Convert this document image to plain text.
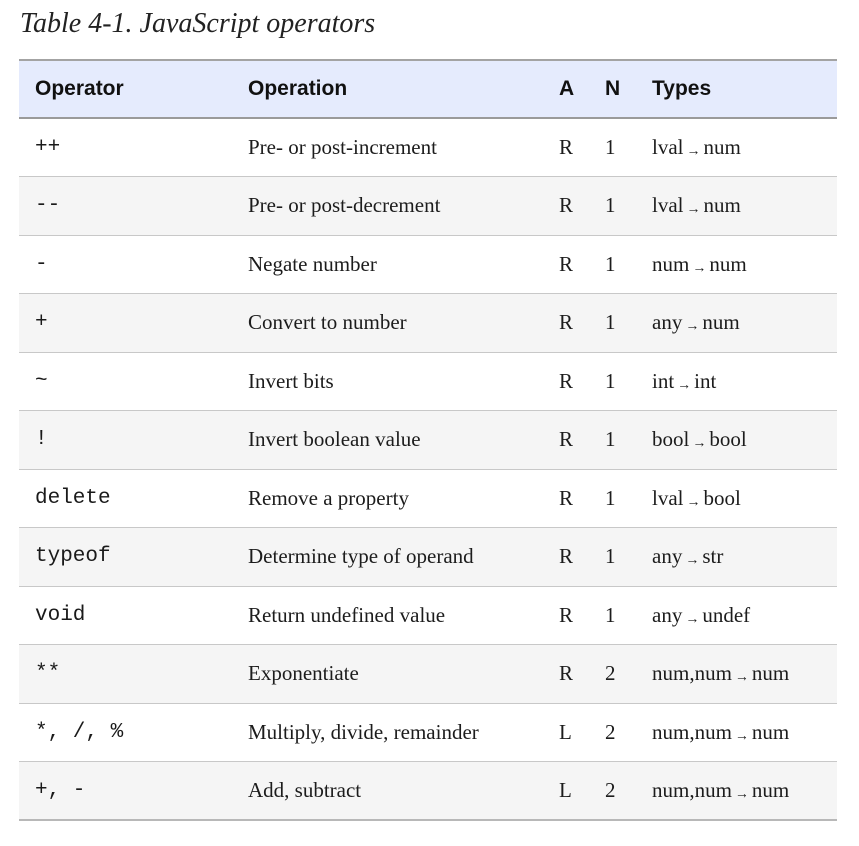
Table 4-1. JavaScript operators
Operator	Operation	A	N	Types
++	Pre- or post-increment	R	1	lval → num
--	Pre- or post-decrement	R	1	lval → num
-	Negate number	R	1	num → num
+	Convert to number	R	1	any → num
~	Invert bits	R	1	int → int
!	Invert boolean value	R	1	bool → bool
delete	Remove a property	R	1	lval → bool
typeof	Determine type of operand	R	1	any → str
void	Return undefined value	R	1	any → undef
**	Exponentiate	R	2	num,num → num
*, /, %	Multiply, divide, remainder	L	2	num,num → num
+, -	Add, subtract	L	2	num,num → num
